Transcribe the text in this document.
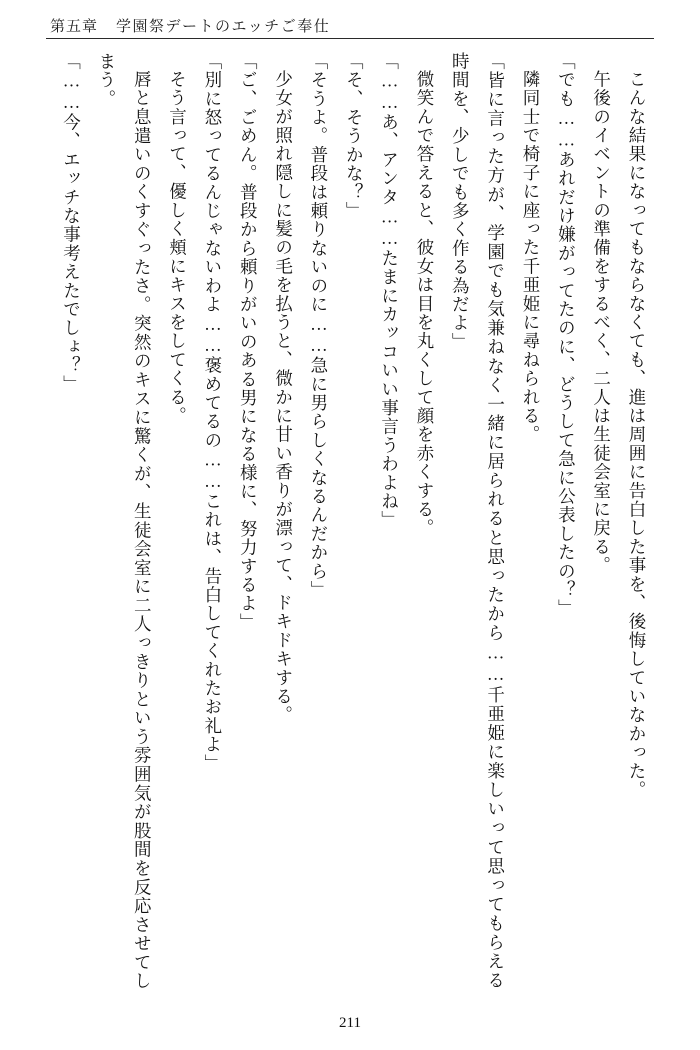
第五章 学園祭デートのエッチご奉仕

こんな結果になってもならなくても、進は周囲に告白した事を、後悔していなかった。

午後のイベントの準備をするべく、二人は生徒会室に戻る。

「でも……あれだけ嫌がってたのに、どうして急に公表したの？」

隣同士で椅子に座った千亜姫に尋ねられる。

「皆に言った方が、学園でも気兼ねなく一緒に居られると思ったから……千亜姫に楽しいって思ってもらえる時間を、少しでも多く作る為だよ」

微笑んで答えると、彼女は目を丸くして顔を赤くする。

「……あ、アンタ……たまにカッコいい事言うわよね」

「そ、そうかな？」

「そうよ。普段は頼りないのに……急に男らしくなるんだから」

少女が照れ隠しに髪の毛を払うと、微かに甘い香りが漂って、ドキドキする。

「ご、ごめん。普段から頼りがいのある男になる様に、努力するよ」

「別に怒ってるんじゃないわよ……褒めてるの……これは、告白してくれたお礼よ」

そう言って、優しく頬にキスをしてくる。

唇と息遣いのくすぐったさ。突然のキスに驚くが、生徒会室に二人っきりという雰囲気が股間を反応させてしまう。

「……今、エッチな事考えたでしょ？」

211
